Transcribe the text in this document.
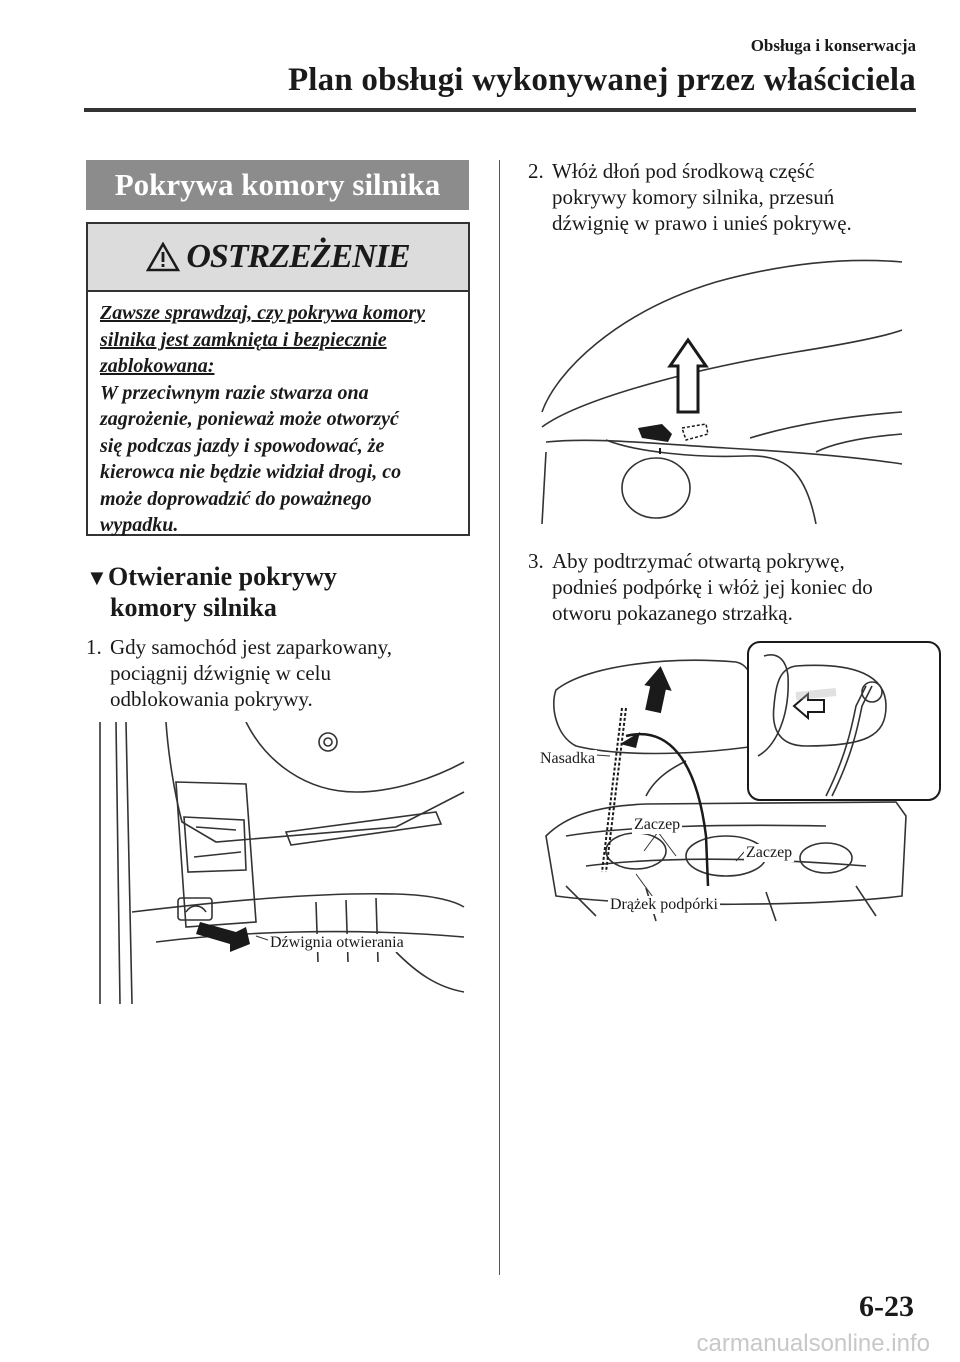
Obsługa i konserwacja
Plan obsługi wykonywanej przez właściciela
Pokrywa komory silnika
OSTRZEŻENIE
Zawsze sprawdzaj, czy pokrywa komory
silnika jest zamknięta i bezpiecznie
zablokowana:
W przeciwnym razie stwarza ona
zagrożenie, ponieważ może otworzyć
się podczas jazdy i spowodować, że
kierowca nie będzie widział drogi, co
może doprowadzić do poważnego
wypadku.
▼Otwieranie pokrywy
komory silnika
1. Gdy samochód jest zaparkowany,
pociągnij dźwignię w celu
odblokowania pokrywy.
Dźwignia otwierania
2. Włóż dłoń pod środkową część
pokrywy komory silnika, przesuń
dźwignię w prawo i unieś pokrywę.
3. Aby podtrzymać otwartą pokrywę,
podnieś podpórkę i włóż jej koniec do
otworu pokazanego strzałką.
Nasadka
Zaczep
Zaczep
Drążek podpórki
6-23
carmanualsonline.info
